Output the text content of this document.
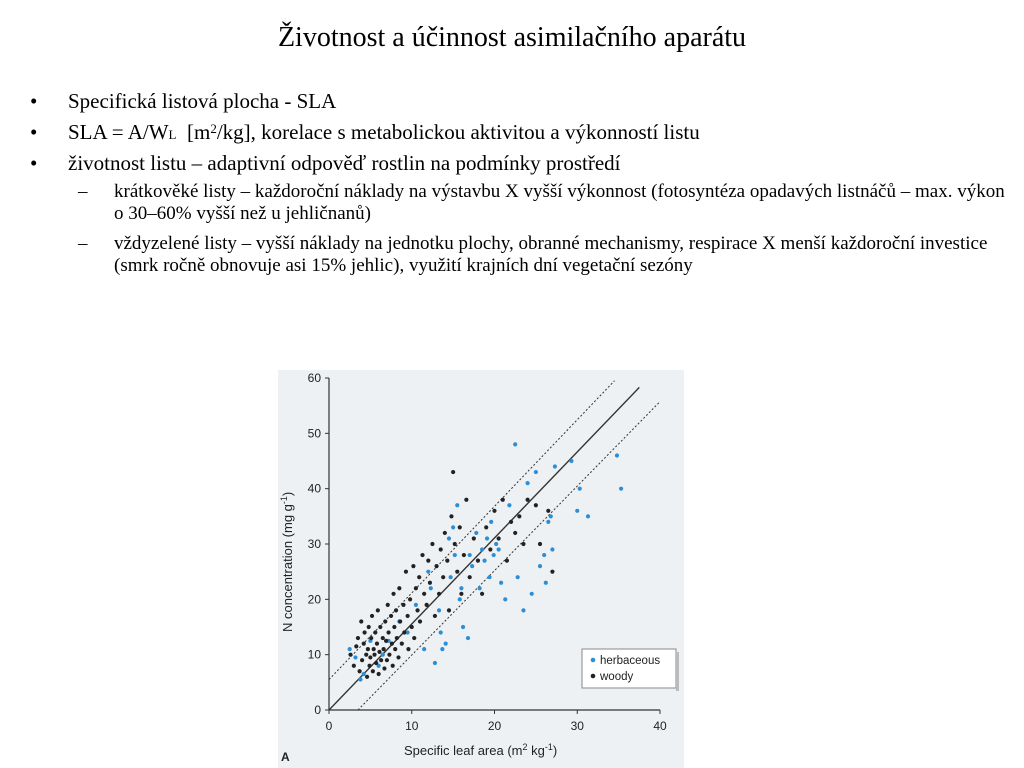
Životnost a účinnost asimilačního aparátu
• Specifická listová plocha - SLA
• SLA = $A/W_L$  $[m^2/kg]$, korelace s metabolickou aktivitou a výkonností listu
• životnost listu – adaptivní odpověď rostlin na podmínky prostředí
– krátkověké listy – každoroční náklady na výstavbu X vyšší výkonnost (fotosyntéza opadavých listnáčů – max. výkon o 30–60% vyšší než u jehličnanů)
– vždyzelené listy – vyšší náklady na jednotku plochy, obranné mechanismy, respirace X menší každoroční investice (smrk ročně obnovuje asi 15% jehlic), využití krajních dní vegetační sezóny
0	10	20	30	40
0
10
20
30
40
50
60
N concentration (mg $g^{-1}$)
Specific leaf area ($m^2$ $kg^{-1}$)
A
herbaceous
woody
